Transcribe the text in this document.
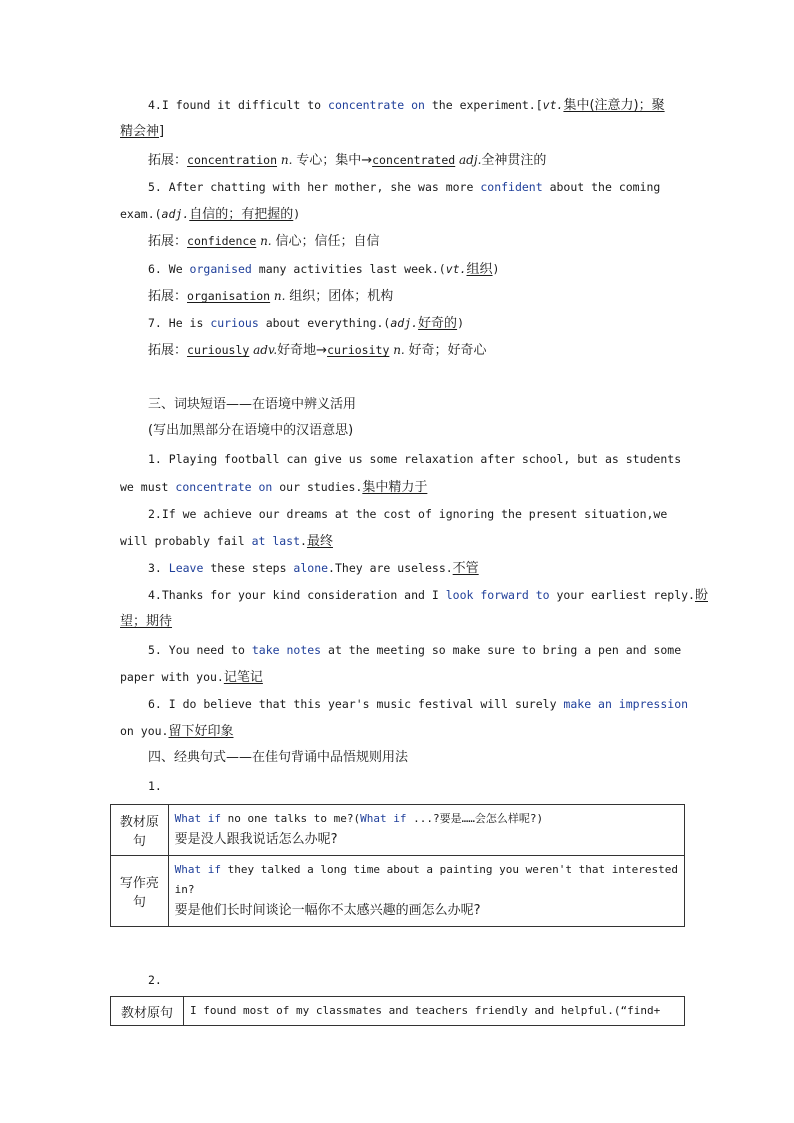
4.I found it difficult to concentrate on the experiment.[vt.集中(注意力)；聚
精会神]
拓展：concentration n. 专心；集中→concentrated adj.全神贯注的
5. After chatting with her mother, she was more confident about the coming
exam.(adj.自信的；有把握的)
拓展：confidence n. 信心；信任；自信
6. We organised many activities last week.(vt.组织)
拓展：organisation n. 组织；团体；机构
7. He is curious about everything.(adj.好奇的)
拓展：curiously adv.好奇地→curiosity n. 好奇；好奇心
三、词块短语——在语境中辨义活用
(写出加黑部分在语境中的汉语意思)
1. Playing football can give us some relaxation after school, but as students
we must concentrate on our studies.集中精力于
2.If we achieve our dreams at the cost of ignoring the present situation,we
will probably fail at last.最终
3. Leave these steps alone.They are useless.不管
4.Thanks for your kind consideration and I look forward to your earliest reply.盼
望；期待
5. You need to take notes at the meeting so make sure to bring a pen and some
paper with you.记笔记
6. I do believe that this year's music festival will surely make an impression
on you.留下好印象
四、经典句式——在佳句背诵中品悟规则用法
1.
教材原句	What if no one talks to me?(What if ...?要是……会怎么样呢?)
要是没人跟我说话怎么办呢?

写作亮句	What if they talked a long time about a painting you weren't that interested
in?
要是他们长时间谈论一幅你不太感兴趣的画怎么办呢?
2.
教材原句	I found most of my classmates and teachers friendly and helpful.(“find+
